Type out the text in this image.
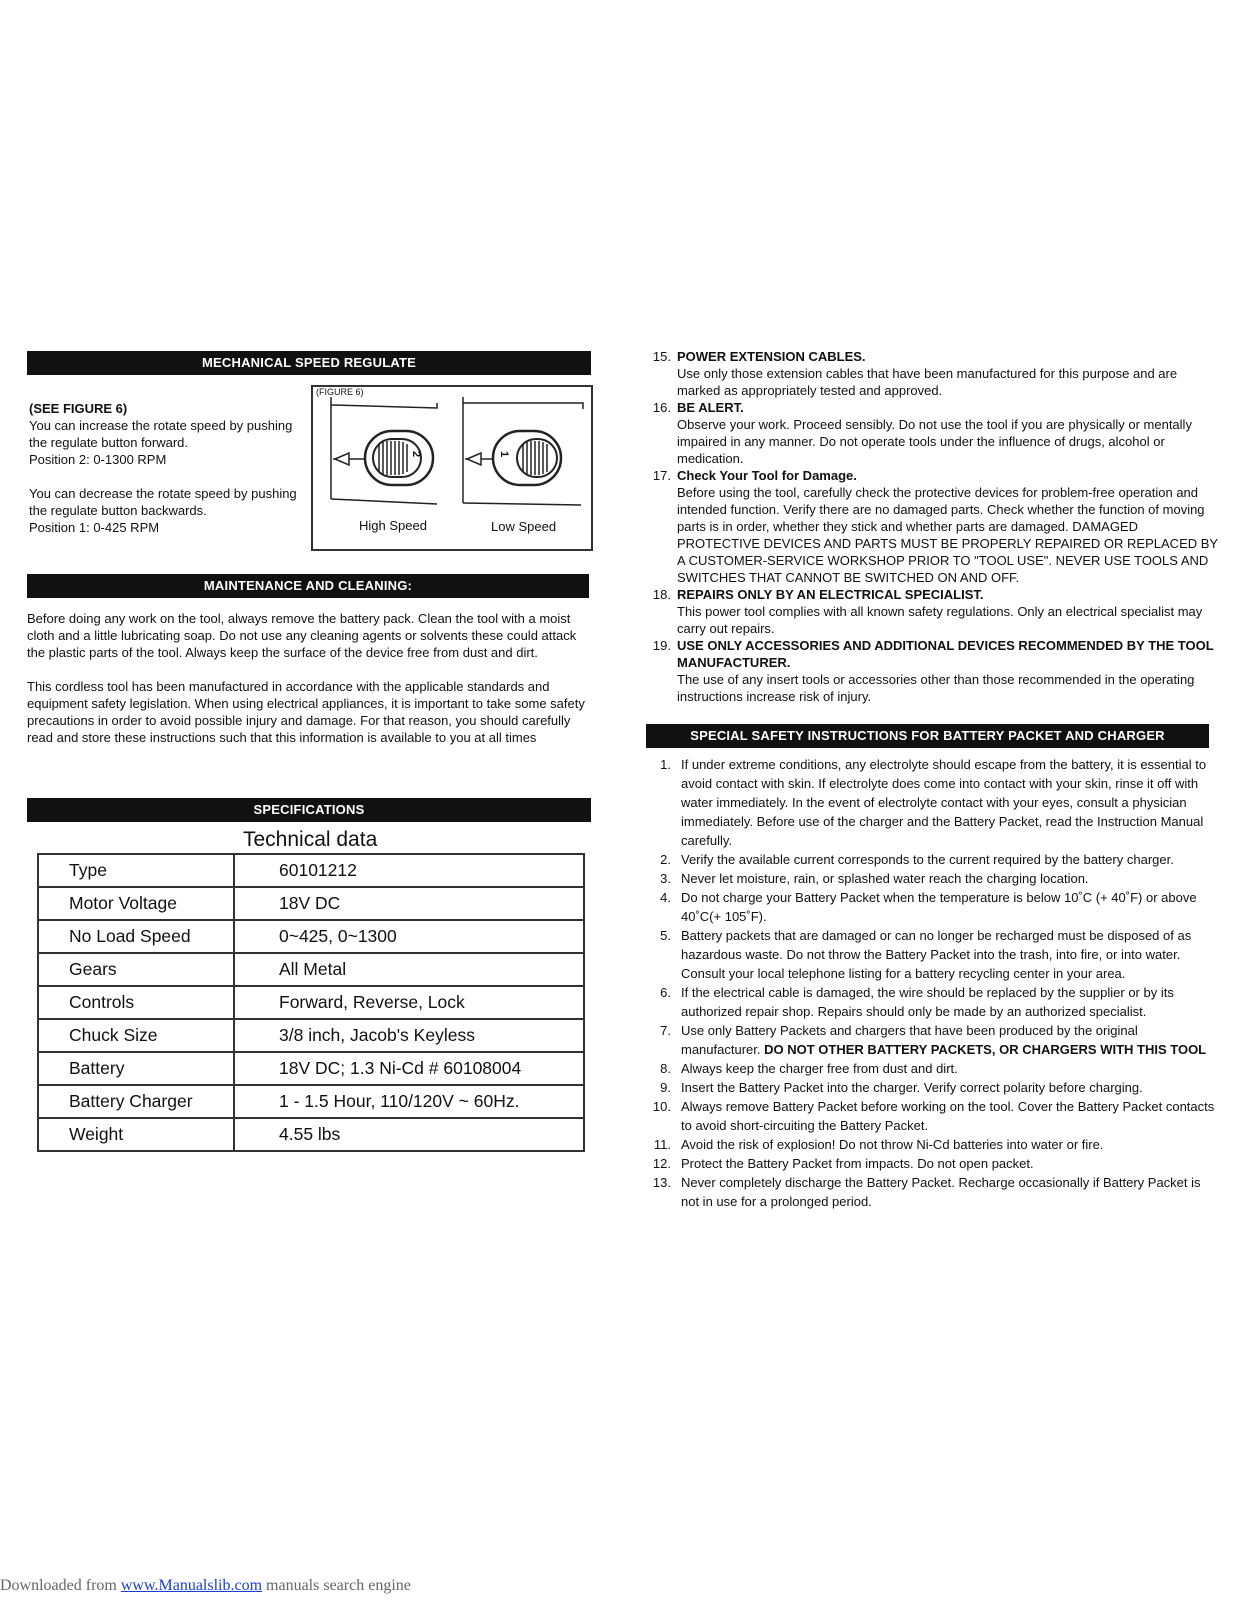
MECHANICAL SPEED REGULATE

(SEE FIGURE 6)

You can increase the rotate speed by pushing the regulate button forward.

Position 2: 0-1300 RPM

You can decrease the rotate speed by pushing the regulate button backwards.

Position 1: 0-425 RPM

(FIGURE 6)
2	1
High Speed	Low Speed
MAINTENANCE AND CLEANING:

Before doing any work on the tool, always remove the battery pack. Clean the tool with a moist cloth and a little lubricating soap. Do not use any cleaning agents or solvents these could attack the plastic parts of the tool. Always keep the surface of the device free from dust and dirt.

This cordless tool has been manufactured in accordance with the applicable standards and equipment safety legislation. When using electrical appliances, it is important to take some safety precautions in order to avoid possible injury and damage. For that reason, you should carefully read and store these instructions such that this information is available to you at all times

SPECIFICATIONS
Technical data
Type	60101212
Motor Voltage	18V DC
No Load Speed	0~425, 0~1300
Gears	All Metal
Controls	Forward, Reverse, Lock
Chuck Size	3/8 inch, Jacob's Keyless
Battery	18V DC; 1.3 Ni-Cd # 60108004
Battery Charger	1 - 1.5 Hour, 110/120V ~ 60Hz.
Weight	4.55 lbs
15. POWER EXTENSION CABLES.
Use only those extension cables that have been manufactured for this purpose and are marked as appropriately tested and approved.
16. BE ALERT.
Observe your work. Proceed sensibly. Do not use the tool if you are physically or mentally impaired in any manner. Do not operate tools under the influence of drugs, alcohol or medication.
17. Check Your Tool for Damage.
Before using the tool, carefully check the protective devices for problem-free operation and intended function. Verify there are no damaged parts. Check whether the function of moving parts is in order, whether they stick and whether parts are damaged. DAMAGED PROTECTIVE DEVICES AND PARTS MUST BE PROPERLY REPAIRED OR REPLACED BY A CUSTOMER-SERVICE WORKSHOP PRIOR TO "TOOL USE". NEVER USE TOOLS AND SWITCHES THAT CANNOT BE SWITCHED ON AND OFF.
18. REPAIRS ONLY BY AN ELECTRICAL SPECIALIST.
This power tool complies with all known safety regulations. Only an electrical specialist may carry out repairs.
19. USE ONLY ACCESSORIES AND ADDITIONAL DEVICES RECOMMENDED BY THE TOOL MANUFACTURER.
The use of any insert tools or accessories other than those recommended in the operating instructions increase risk of injury.
SPECIAL SAFETY INSTRUCTIONS FOR BATTERY PACKET AND CHARGER
1. If under extreme conditions, any electrolyte should escape from the battery, it is essential to avoid contact with skin. If electrolyte does come into contact with your skin, rinse it off with water immediately. In the event of electrolyte contact with your eyes, consult a physician immediately. Before use of the charger and the Battery Packet, read the Instruction Manual carefully.
2. Verify the available current corresponds to the current required by the battery charger.
3. Never let moisture, rain, or splashed water reach the charging location.
4. Do not charge your Battery Packet when the temperature is below 10˚C (+ 40˚F) or above 40˚C(+ 105˚F).
5. Battery packets that are damaged or can no longer be recharged must be disposed of as hazardous waste. Do not throw the Battery Packet into the trash, into fire, or into water. Consult your local telephone listing for a battery recycling center in your area.
6. If the electrical cable is damaged, the wire should be replaced by the supplier or by its authorized repair shop. Repairs should only be made by an authorized specialist.
7. Use only Battery Packets and chargers that have been produced by the original manufacturer. DO NOT OTHER BATTERY PACKETS, OR CHARGERS WITH THIS TOOL
8. Always keep the charger free from dust and dirt.
9. Insert the Battery Packet into the charger. Verify correct polarity before charging.
10. Always remove Battery Packet before working on the tool. Cover the Battery Packet contacts to avoid short-circuiting the Battery Packet.
11. Avoid the risk of explosion! Do not throw Ni-Cd batteries into water or fire.
12. Protect the Battery Packet from impacts. Do not open packet.
13. Never completely discharge the Battery Packet. Recharge occasionally if Battery Packet is not in use for a prolonged period.
Downloaded from www.Manualslib.com manuals search engine
